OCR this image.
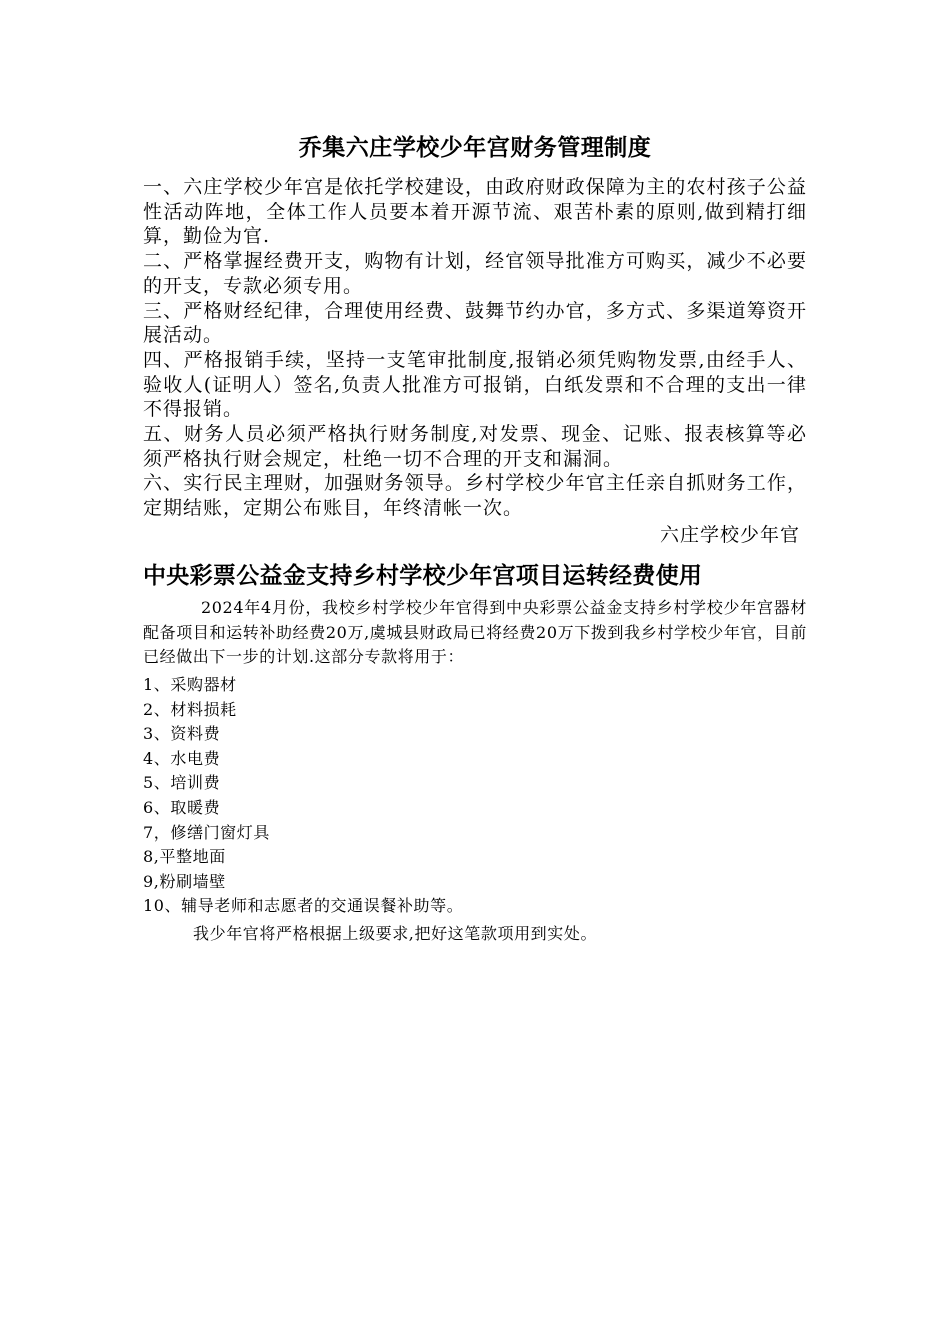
乔集六庄学校少年宫财务管理制度

一、六庄学校少年宫是依托学校建设，由政府财政保障为主的农村孩子公益性活动阵地，全体工作人员要本着开源节流、艰苦朴素的原则,做到精打细算，勤俭为官.

二、严格掌握经费开支，购物有计划，经官领导批准方可购买，减少不必要的开支，专款必须专用。

三、严格财经纪律，合理使用经费、鼓舞节约办官，多方式、多渠道筹资开展活动。

四、严格报销手续，坚持一支笔审批制度,报销必须凭购物发票,由经手人、验收人(证明人）签名,负责人批准方可报销，白纸发票和不合理的支出一律不得报销。

五、财务人员必须严格执行财务制度,对发票、现金、记账、报表核算等必须严格执行财会规定，杜绝一切不合理的开支和漏洞。

六、实行民主理财，加强财务领导。乡村学校少年官主任亲自抓财务工作，定期结账，定期公布账目，年终清帐一次。

六庄学校少年官
中央彩票公益金支持乡村学校少年宫项目运转经费使用

2024年4月份，我校乡村学校少年官得到中央彩票公益金支持乡村学校少年宫器材配备项目和运转补助经费20万,虞城县财政局已将经费20万下拨到我乡村学校少年官，目前已经做出下一步的计划.这部分专款将用于：

1、采购器材
2、材料损耗
3、资料费
4、水电费
5、培训费
6、取暖费
7，修缮门窗灯具
8,平整地面
9,粉刷墙壁
10、辅导老师和志愿者的交通误餐补助等。
我少年官将严格根据上级要求,把好这笔款项用到实处。
